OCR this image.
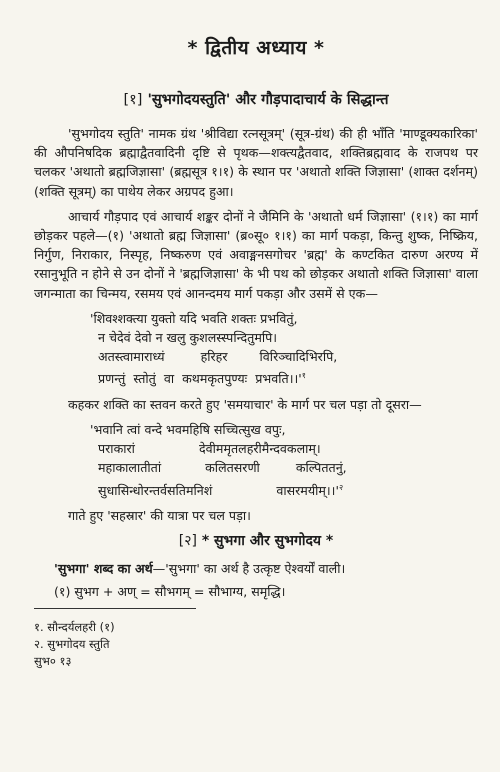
* द्वितीय अध्याय *
[१] 'सुभगोदयस्तुति' और गौड़पादाचार्य के सिद्धान्त

'सुभगोदय स्तुति' नामक ग्रंथ 'श्रीविद्या रत्नसूत्रम्' (सूत्र-ग्रंथ) की ही भाँति 'माण्डूक्यकारिका' की औपनिषदिक ब्रह्माद्वैतवादिनी दृष्टि से पृथक—शक्त्यद्वैतवाद, शक्तिब्रह्मवाद के राजपथ पर चलकर 'अथातो ब्रह्मजिज्ञासा' (ब्रह्मसूत्र १।१) के स्थान पर 'अथातो शक्ति जिज्ञासा' (शाक्त दर्शनम्) (शक्ति सूत्रम्) का पाथेय लेकर अग्रपद हुआ।

आचार्य गौड़पाद एवं आचार्य शङ्कर दोनों ने जैमिनि के 'अथातो धर्म जिज्ञासा' (१।१) का मार्ग छोड़कर पहले—(१) 'अथातो ब्रह्म जिज्ञासा' (ब्र०सू० १।१) का मार्ग पकड़ा, किन्तु शुष्क, निष्क्रिय, निर्गुण, निराकार, निस्पृह, निष्करुण एवं अवाङ्मनसगोचर 'ब्रह्म' के कण्टकित दारुण अरण्य में रसानुभूति न होने से उन दोनों ने 'ब्रह्मजिज्ञासा' के भी पथ को छोड़कर अथातो शक्ति जिज्ञासा' वाला जगन्माता का चिन्मय, रसमय एवं आनन्दमय मार्ग पकड़ा और उसमें से एक—

'शिवश्शक्त्या युक्तो यदि भवति शक्तः प्रभवितुं,
न चेदेवं देवो न खलु कुशलस्स्पन्दितुमपि।
अतस्त्वामाराध्यं         हरिहर        विरिञ्चादिभिरपि,
प्रणन्तुं  स्तोतुं  वा  कथमकृतपुण्यः  $प्रभवति।।'^१$

कहकर शक्ति का स्तवन करते हुए 'समयाचार' के मार्ग पर चल पड़ा तो दूसरा—

'भवानि त्वां वन्दे भवमहिषि सच्चित्सुख वपुः,
पराकारां                देवीममृतलहरीमैन्दवकलाम्।
महाकालातीतां           कलितसरणी         कल्पिततनुं,
सुधासिन्धोरन्तर्वसतिमनिशं                $वासरमयीम्।।'^२$

गाते हुए 'सहस्रार' की यात्रा पर चल पड़ा।

[२] * सुभगा और सुभगोदय *

'सुभगा' शब्द का अर्थ—'सुभगा' का अर्थ है उत्कृष्ट ऐश्वर्यों वाली।

(१) सुभग + अण् = सौभगम् = सौभाग्य, समृद्धि।

१. सौन्दर्यलहरी (१)

२. सुभगोदय स्तुति

सुभ० १३
